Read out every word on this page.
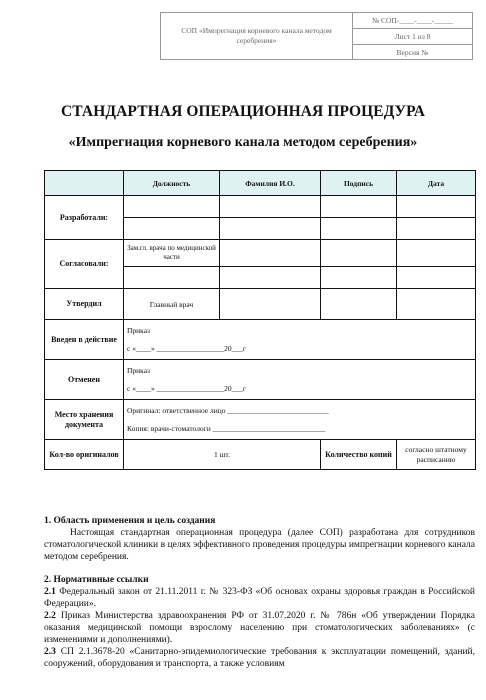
СОП «Импрегнация корневого канала методом серебрения»
№ СОП-____-____-_____
Лист 1 из 8
Версия №
СТАНДАРТНАЯ ОПЕРАЦИОННАЯ ПРОЦЕДУРА
«Импрегнация корневого канала методом серебрения»
	Должность	Фамилия И.О.	Подпись	Дата
Разработали:				

Согласовали:	Зам.гл. врача по медицинской части			

Утвердил	Главный врач			
Введен в действие	Приказ
с «____» __________________20___г			

Отменен	Приказ
с «____» __________________20___г			

Место хранения документа	Оригинал: ответственное лицо ___________________________
Копия: врачи-стоматологи ______________________________			

Кол-во оригиналов	1 шт.		Количество копий	согласно штатному расписанию

1. Область применения и цель создания

Настоящая стандартная операционная процедура (далее СОП) разработана для сотрудников стоматологической клиники в целях эффективного проведения процедуры импрегнации корневого канала методом серебрения.

2. Нормативные ссылки

2.1 Федеральный закон от 21.11.2011 г. № 323-ФЗ «Об основах охраны здоровья граждан в Российской Федерации».

2.2 Приказ Министерства здравоохранения РФ от 31.07.2020 г. № 786н «Об утверждении Порядка оказания медицинской помощи взрослому населению при стоматологических заболеваниях» (с изменениями и дополнениями).

2.3 СП 2.1.3678-20 «Санитарно-эпидемиологические требования к эксплуатации помещений, зданий, сооружений, оборудования и транспорта, а также условиям
